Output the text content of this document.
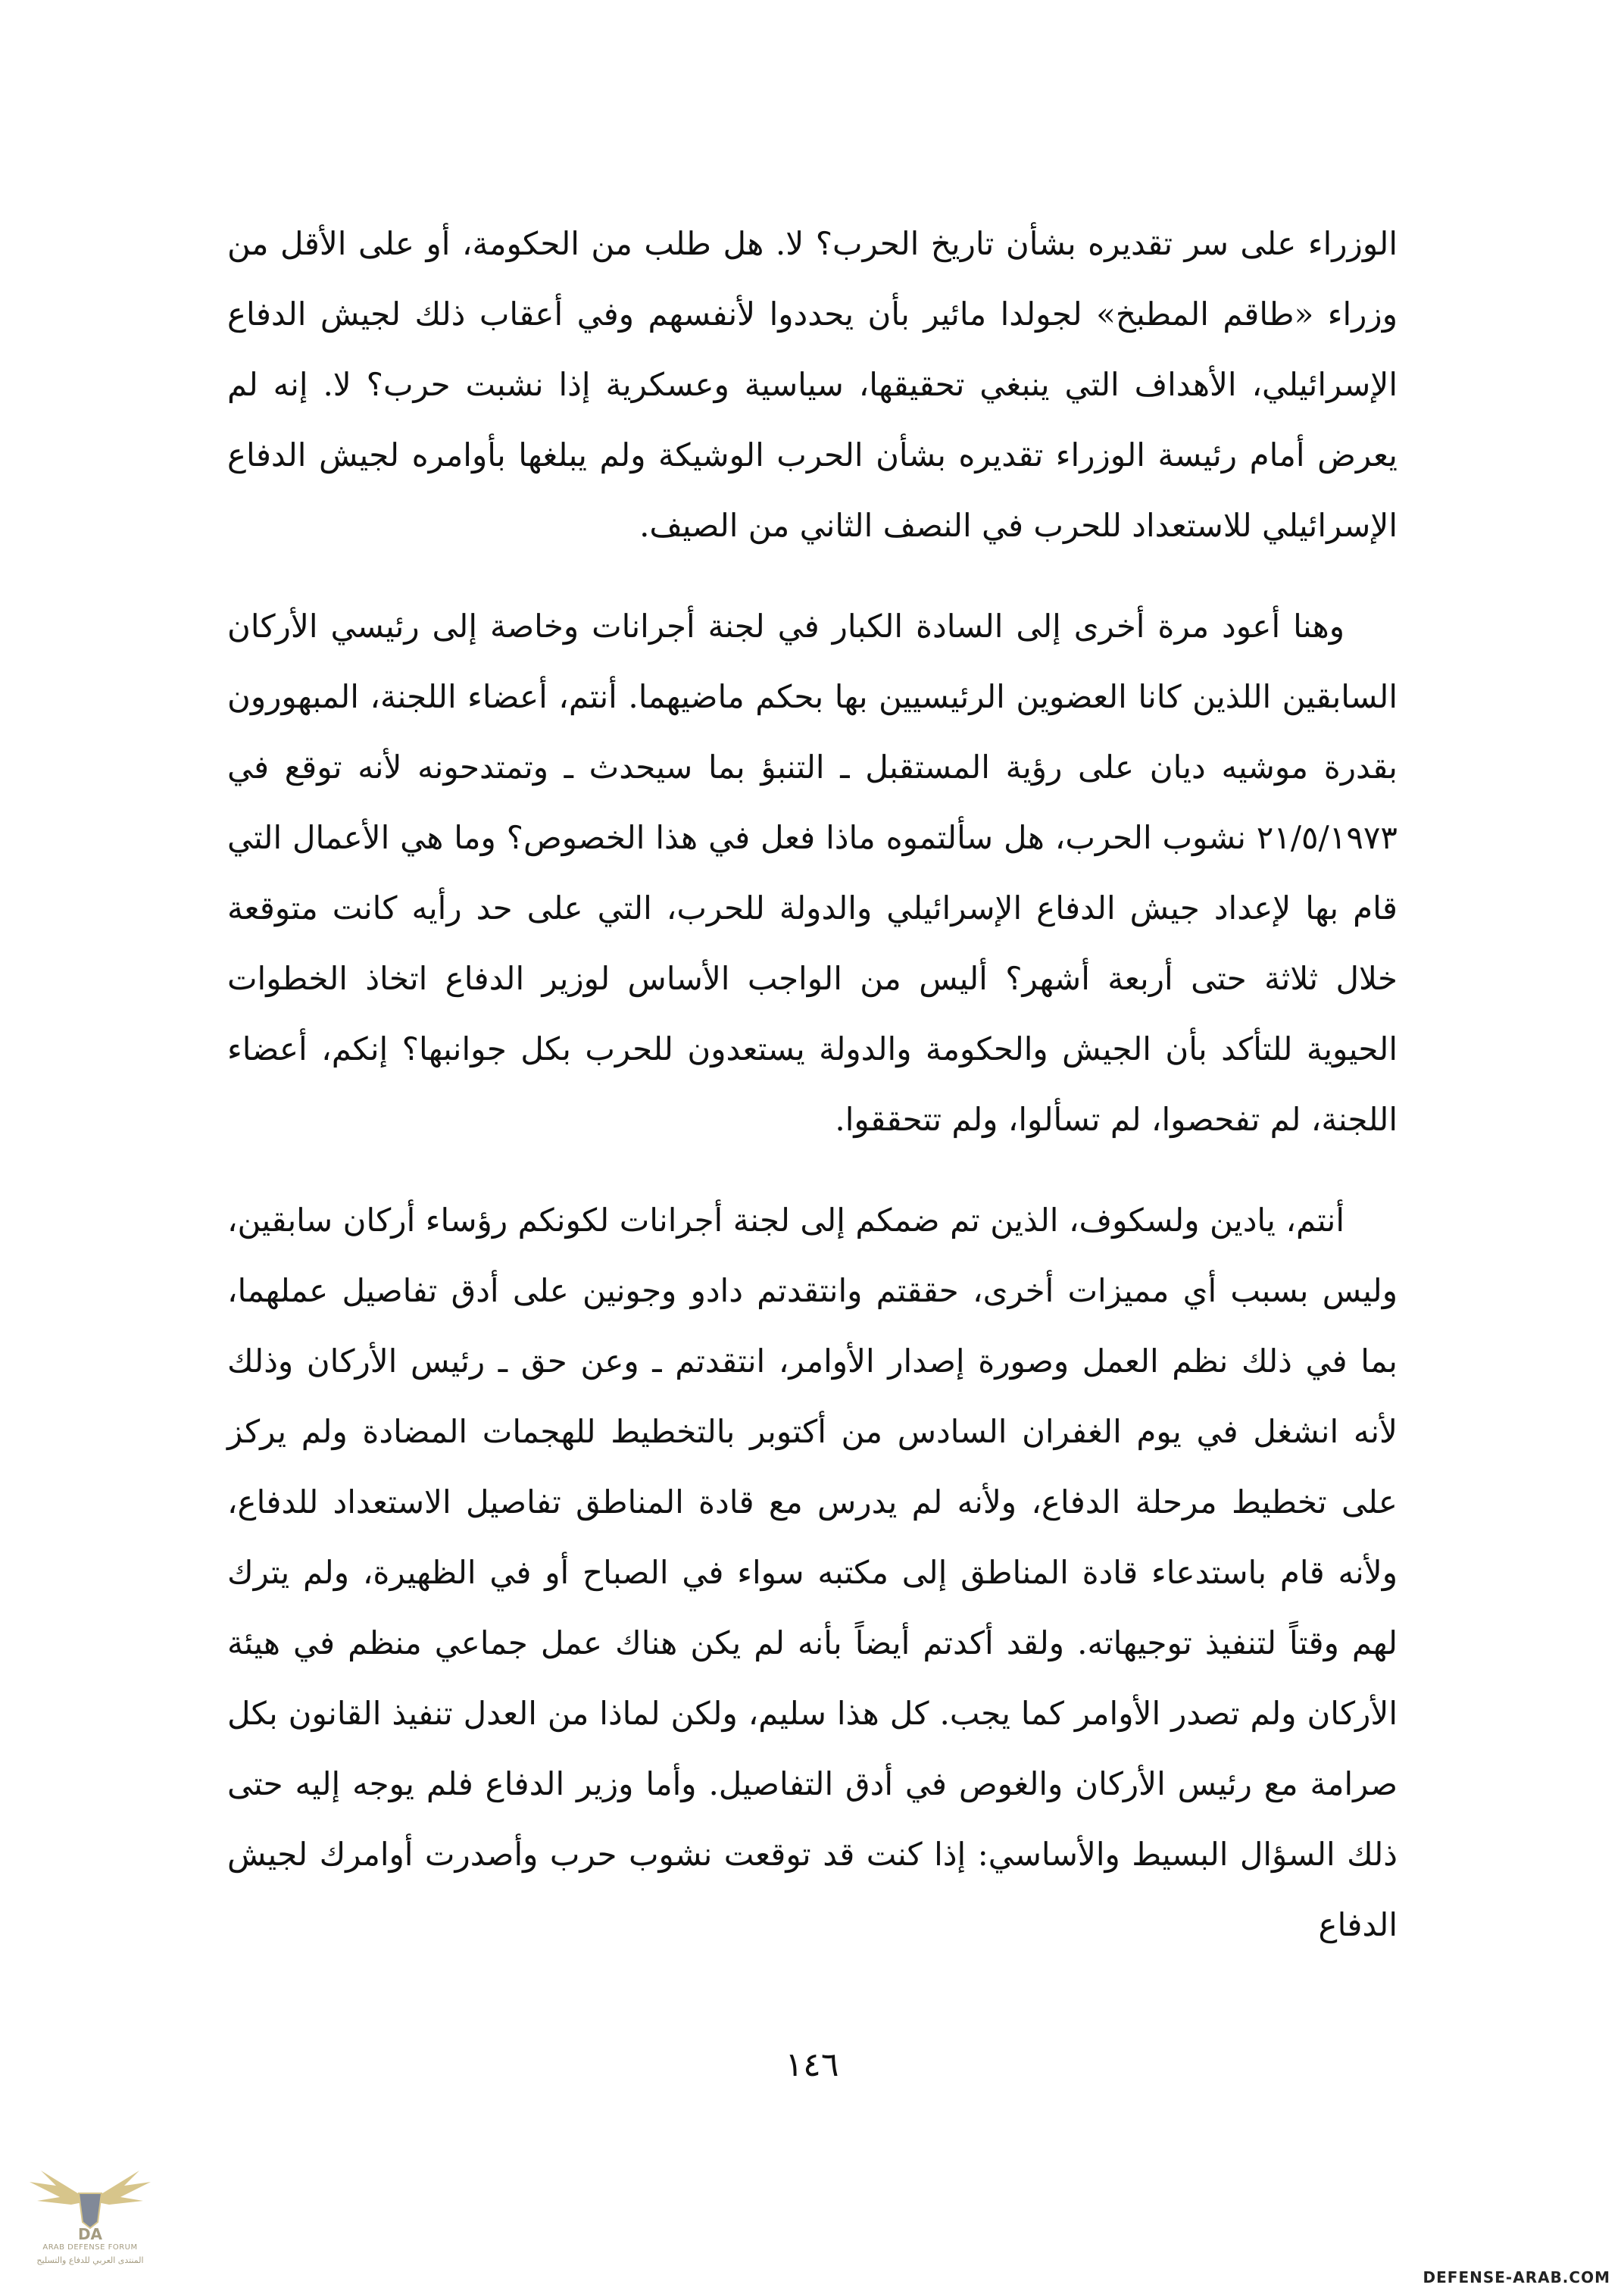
الوزراء على سر تقديره بشأن تاريخ الحرب؟ لا. هل طلب من الحكومة، أو على الأقل من وزراء «طاقم المطبخ» لجولدا مائير بأن يحددوا لأنفسهم وفي أعقاب ذلك لجيش الدفاع الإسرائيلي، الأهداف التي ينبغي تحقيقها، سياسية وعسكرية إذا نشبت حرب؟ لا. إنه لم يعرض أمام رئيسة الوزراء تقديره بشأن الحرب الوشيكة ولم يبلغها بأوامره لجيش الدفاع الإسرائيلي للاستعداد للحرب في النصف الثاني من الصيف.

وهنا أعود مرة أخرى إلى السادة الكبار في لجنة أجرانات وخاصة إلى رئيسي الأركان السابقين اللذين كانا العضوين الرئيسيين بها بحكم ماضيهما. أنتم، أعضاء اللجنة، المبهورون بقدرة موشيه ديان على رؤية المستقبل ـ التنبؤ بما سيحدث ـ وتمتدحونه لأنه توقع في ٢١/٥/١٩٧٣ نشوب الحرب، هل سألتموه ماذا فعل في هذا الخصوص؟ وما هي الأعمال التي قام بها لإعداد جيش الدفاع الإسرائيلي والدولة للحرب، التي على حد رأيه كانت متوقعة خلال ثلاثة حتى أربعة أشهر؟ أليس من الواجب الأساس لوزير الدفاع اتخاذ الخطوات الحيوية للتأكد بأن الجيش والحكومة والدولة يستعدون للحرب بكل جوانبها؟ إنكم، أعضاء اللجنة، لم تفحصوا، لم تسألوا، ولم تتحققوا.

أنتم، يادين ولسكوف، الذين تم ضمكم إلى لجنة أجرانات لكونكم رؤساء أركان سابقين، وليس بسبب أي مميزات أخرى، حققتم وانتقدتم دادو وجونين على أدق تفاصيل عملهما، بما في ذلك نظم العمل وصورة إصدار الأوامر، انتقدتم ـ وعن حق ـ رئيس الأركان وذلك لأنه انشغل في يوم الغفران السادس من أكتوبر بالتخطيط للهجمات المضادة ولم يركز على تخطيط مرحلة الدفاع، ولأنه لم يدرس مع قادة المناطق تفاصيل الاستعداد للدفاع، ولأنه قام باستدعاء قادة المناطق إلى مكتبه سواء في الصباح أو في الظهيرة، ولم يترك لهم وقتاً لتنفيذ توجيهاته. ولقد أكدتم أيضاً بأنه لم يكن هناك عمل جماعي منظم في هيئة الأركان ولم تصدر الأوامر كما يجب. كل هذا سليم، ولكن لماذا من العدل تنفيذ القانون بكل صرامة مع رئيس الأركان والغوص في أدق التفاصيل. وأما وزير الدفاع فلم يوجه إليه حتى ذلك السؤال البسيط والأساسي: إذا كنت قد توقعت نشوب حرب وأصدرت أوامرك لجيش الدفاع

١٤٦
DA
ARAB DEFENSE FORUM
المنتدى العربي للدفاع والتسليح
DEFENSE-ARAB.COM
